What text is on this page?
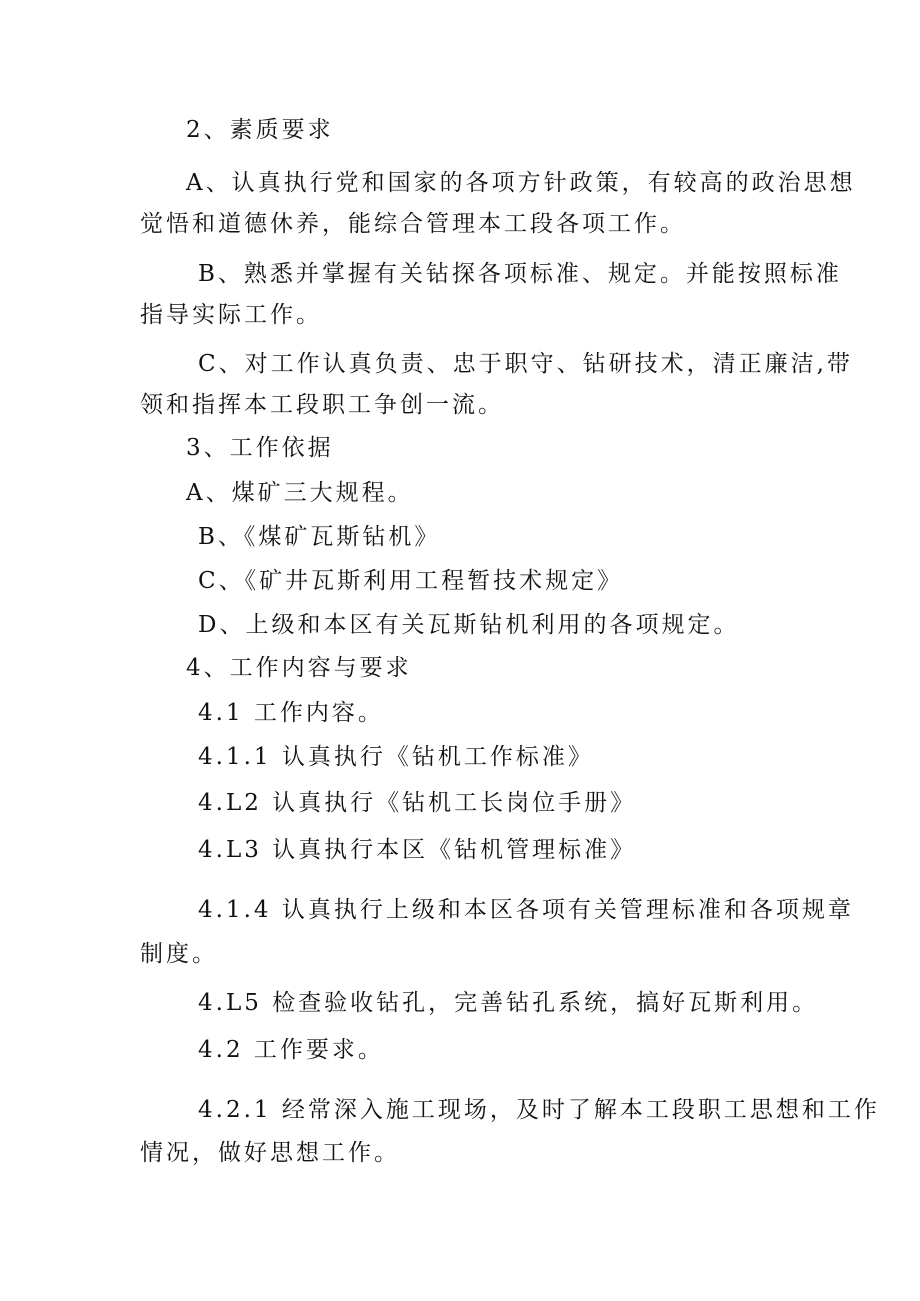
2、素质要求
A、认真执行党和国家的各项方针政策，有较高的政治思想
觉悟和道德休养，能综合管理本工段各项工作。
B、熟悉并掌握有关钻探各项标准、规定。并能按照标准
指导实际工作。
C、对工作认真负责、忠于职守、钻研技术，清正廉洁,带
领和指挥本工段职工争创一流。
3、工作依据
A、煤矿三大规程。
B、《煤矿瓦斯钻机》
C、《矿井瓦斯利用工程暂技术规定》
D、上级和本区有关瓦斯钻机利用的各项规定。
4、工作内容与要求
4.1 工作内容。
4.1.1 认真执行《钻机工作标准》
4.L2 认真执行《钻机工长岗位手册》
4.L3 认真执行本区《钻机管理标准》
4.1.4 认真执行上级和本区各项有关管理标准和各项规章
制度。
4.L5 检查验收钻孔，完善钻孔系统，搞好瓦斯利用。
4.2 工作要求。
4.2.1 经常深入施工现场，及时了解本工段职工思想和工作
情况，做好思想工作。
